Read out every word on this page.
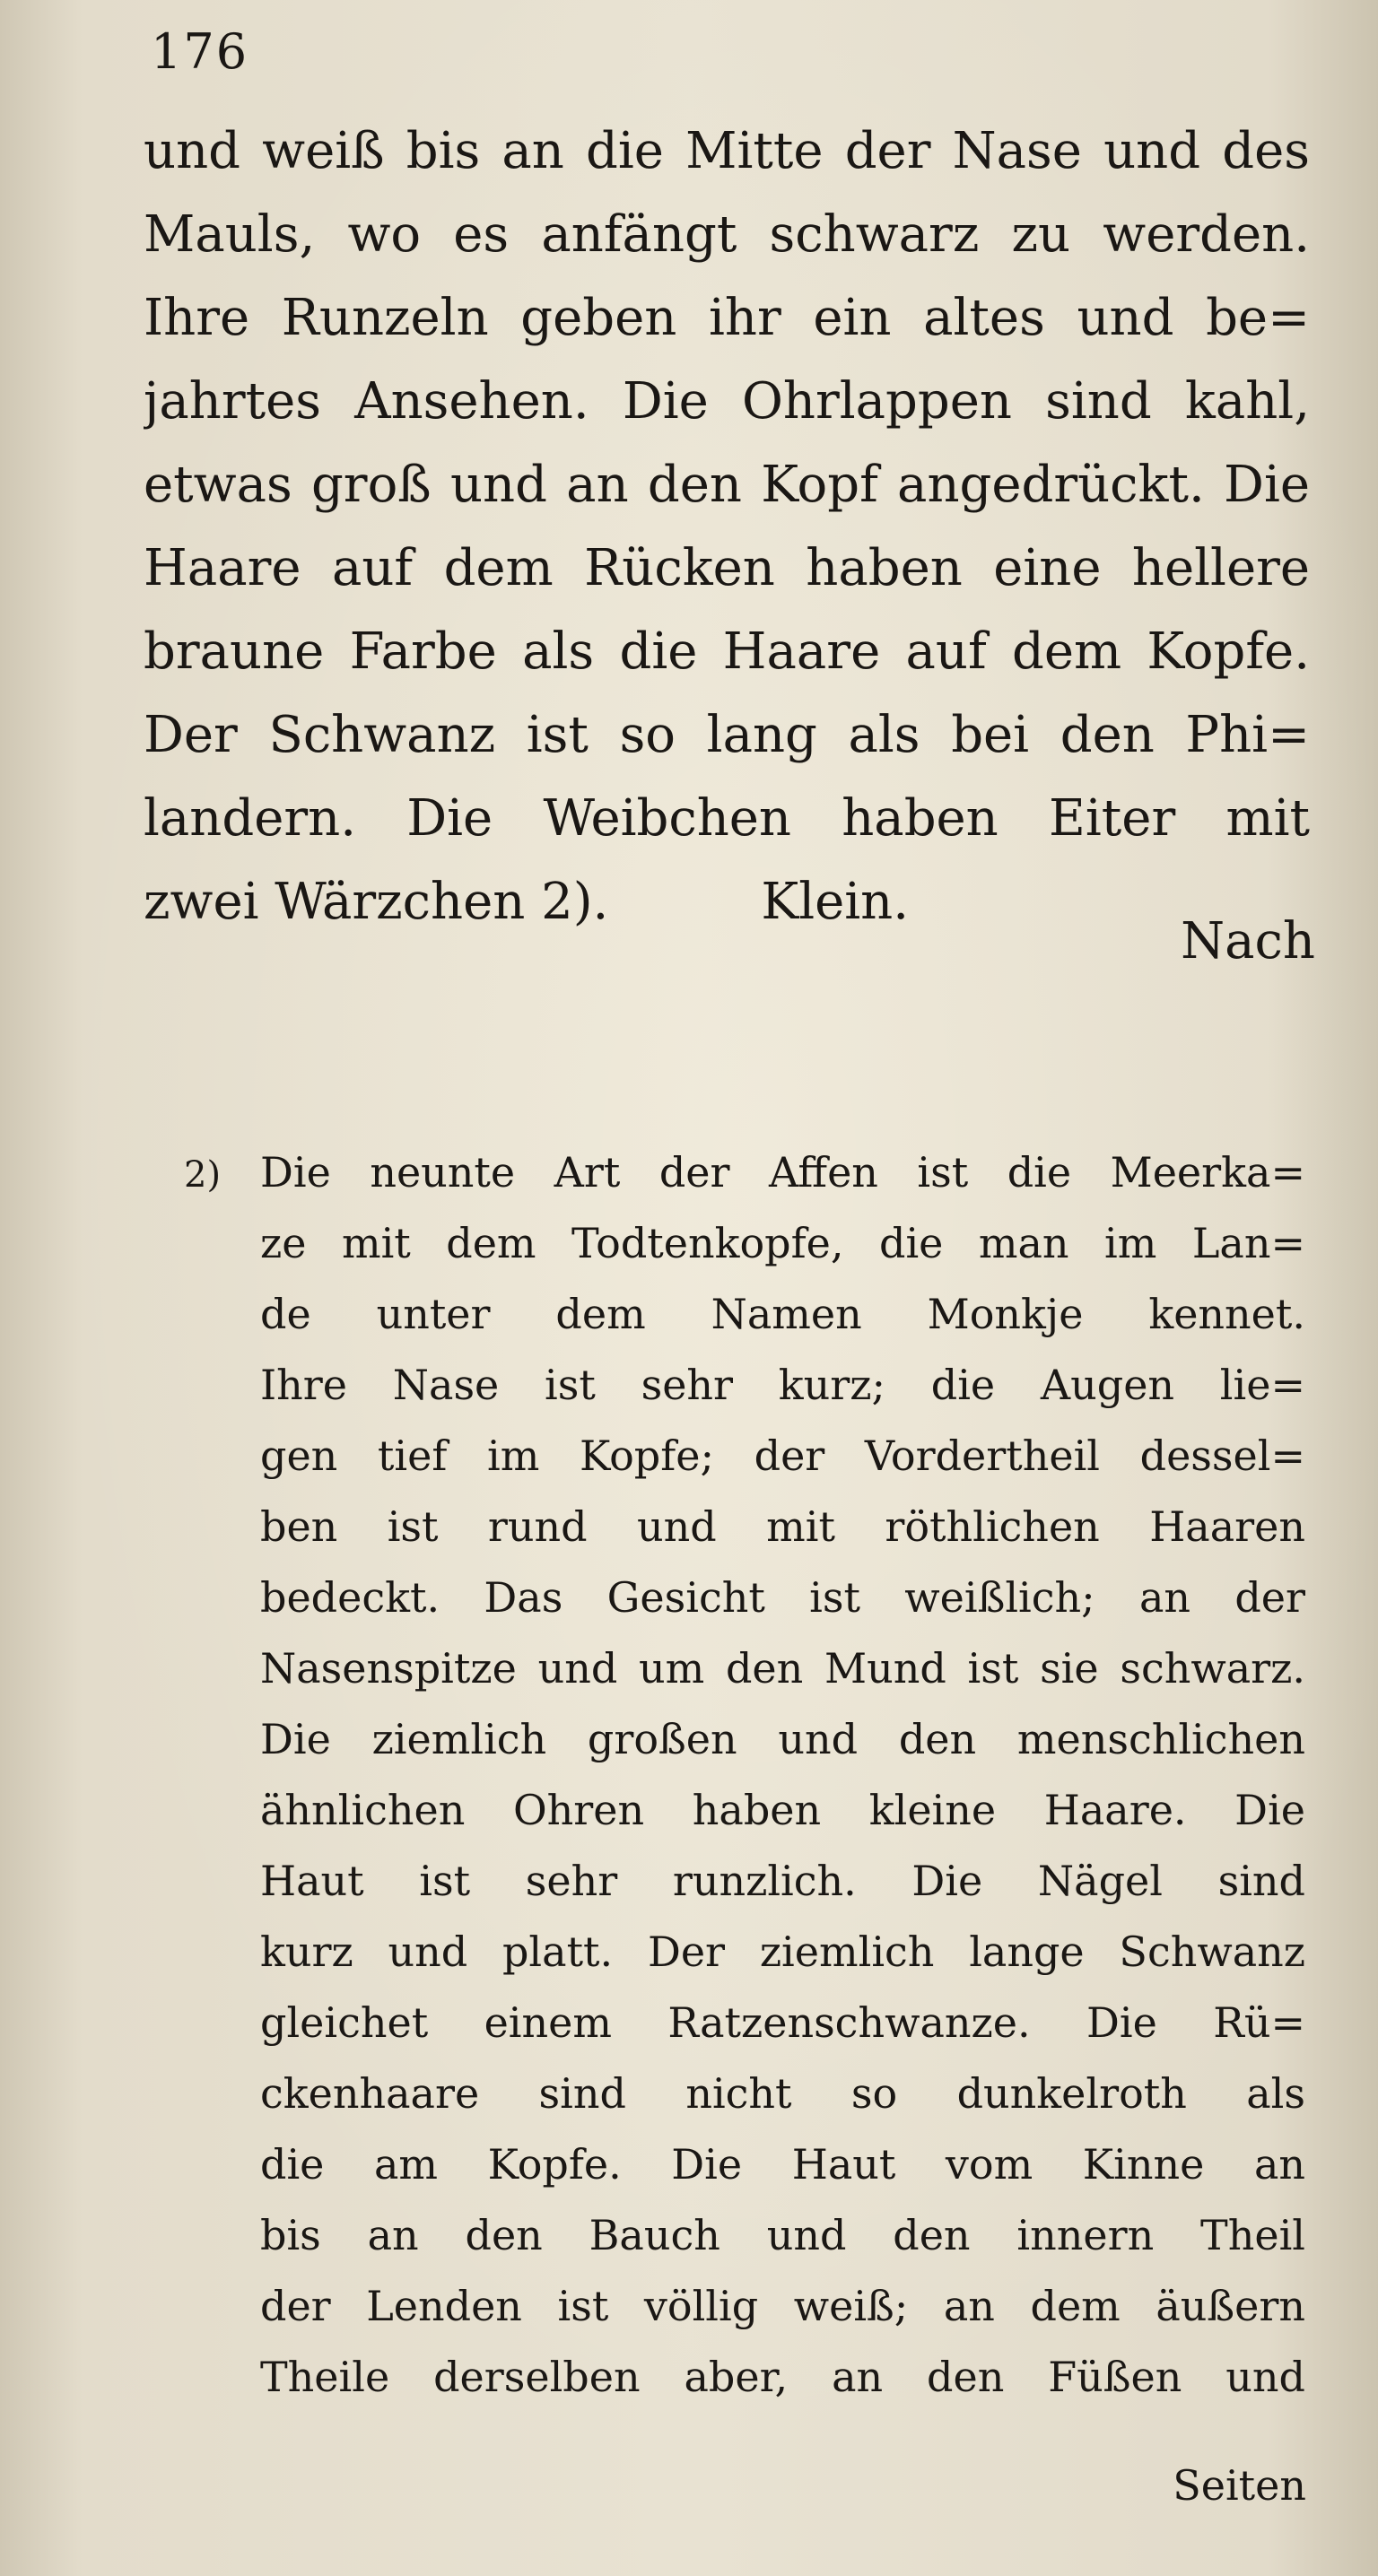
176
und weiß bis an die Mitte der Nase und des
Mauls, wo es anfängt schwarz zu werden.
Ihre Runzeln geben ihr ein altes und be=
jahrtes Ansehen. Die Ohrlappen sind kahl,
etwas groß und an den Kopf angedrückt. Die
Haare auf dem Rücken haben eine hellere
braune Farbe als die Haare auf dem Kopfe.
Der Schwanz ist so lang als bei den Phi=
landern. Die Weibchen haben Eiter mit
zwei Wärzchen 2).	Klein.
Nach
2) Die neunte Art der Affen ist die Meerka=
ze mit dem Todtenkopfe, die man im Lan=
de unter dem Namen Monkje kennet.
Ihre Nase ist sehr kurz; die Augen lie=
gen tief im Kopfe; der Vordertheil dessel=
ben ist rund und mit röthlichen Haaren
bedeckt. Das Gesicht ist weißlich; an der
Nasenspitze und um den Mund ist sie schwarz.
Die ziemlich großen und den menschlichen
ähnlichen Ohren haben kleine Haare. Die
Haut ist sehr runzlich. Die Nägel sind
kurz und platt. Der ziemlich lange Schwanz
gleichet einem Ratzenschwanze. Die Rü=
ckenhaare sind nicht so dunkelroth als
die am Kopfe. Die Haut vom Kinne an
bis an den Bauch und den innern Theil
der Lenden ist völlig weiß; an dem äußern
Theile derselben aber, an den Füßen und
Seiten
